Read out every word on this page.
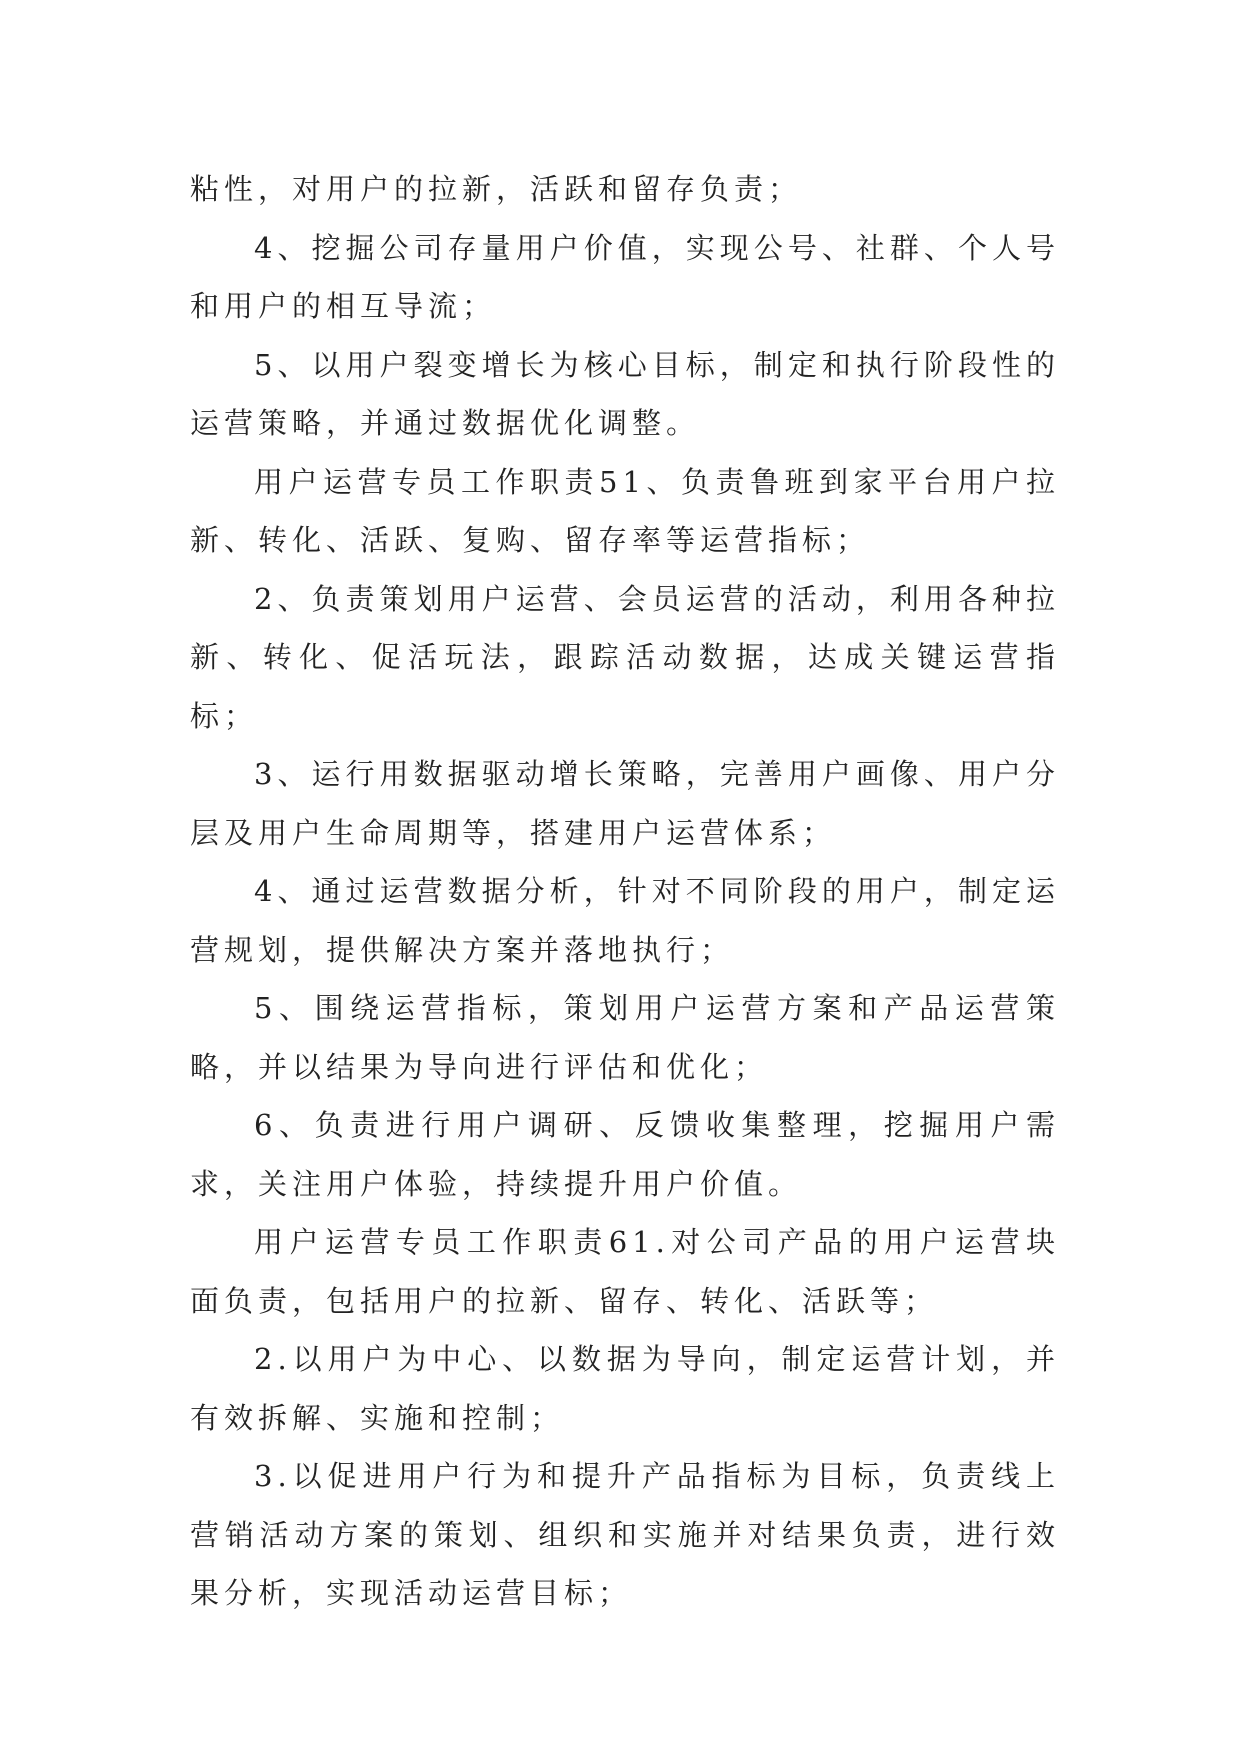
粘性，对用户的拉新，活跃和留存负责；

4、挖掘公司存量用户价值，实现公号、社群、个人号和用户的相互导流；

5、以用户裂变增长为核心目标，制定和执行阶段性的运营策略，并通过数据优化调整。

用户运营专员工作职责51、负责鲁班到家平台用户拉新、转化、活跃、复购、留存率等运营指标；

2、负责策划用户运营、会员运营的活动，利用各种拉新、转化、促活玩法，跟踪活动数据，达成关键运营指标；

3、运行用数据驱动增长策略，完善用户画像、用户分层及用户生命周期等，搭建用户运营体系；

4、通过运营数据分析，针对不同阶段的用户，制定运营规划，提供解决方案并落地执行；

5、围绕运营指标，策划用户运营方案和产品运营策略，并以结果为导向进行评估和优化；

6、负责进行用户调研、反馈收集整理，挖掘用户需求，关注用户体验，持续提升用户价值。

用户运营专员工作职责61.对公司产品的用户运营块面负责，包括用户的拉新、留存、转化、活跃等；

2.以用户为中心、以数据为导向，制定运营计划，并有效拆解、实施和控制；

3.以促进用户行为和提升产品指标为目标，负责线上营销活动方案的策划、组织和实施并对结果负责，进行效果分析，实现活动运营目标；
